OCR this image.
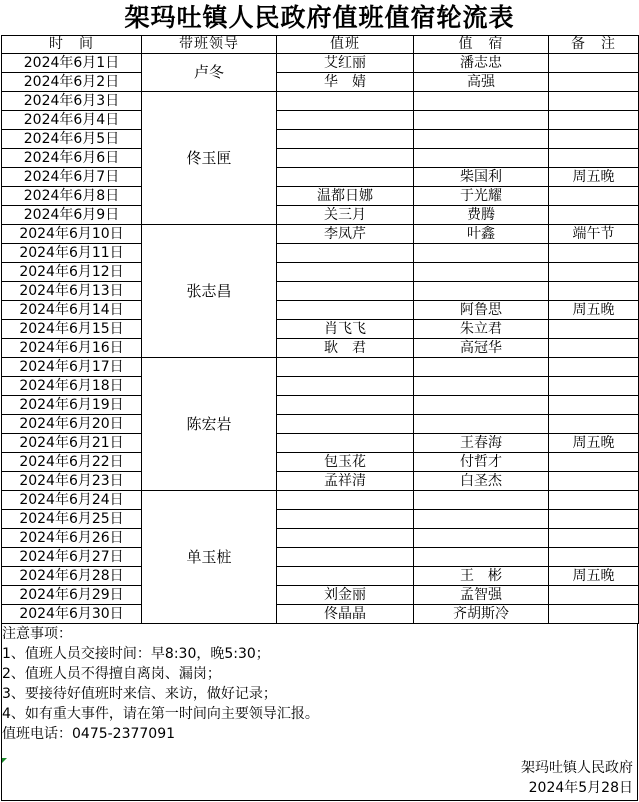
架玛吐镇人民政府值班值宿轮流表
时　间	带班领导	值班	值　宿	备　注
2024年6月1日	卢冬	艾红丽	潘志忠	
2024年6月2日		华　婧	高强	
2024年6月3日	佟玉匣			
2024年6月4日				
2024年6月5日				
2024年6月6日				
2024年6月7日			柴国利	周五晚
2024年6月8日		温都日娜	于光耀	
2024年6月9日		关三月	费腾	
2024年6月10日	张志昌	李凤芹	叶鑫	端午节
2024年6月11日				
2024年6月12日				
2024年6月13日				
2024年6月14日			阿鲁思	周五晚
2024年6月15日		肖飞飞	朱立君	
2024年6月16日		耿　君	高冠华	
2024年6月17日	陈宏岩			
2024年6月18日				
2024年6月19日				
2024年6月20日				
2024年6月21日			王春海	周五晚
2024年6月22日		包玉花	付哲才	
2024年6月23日		孟祥清	白圣杰	
2024年6月24日	单玉桩			
2024年6月25日				
2024年6月26日				
2024年6月27日				
2024年6月28日			王　彬	周五晚
2024年6月29日		刘金丽	孟智强	
2024年6月30日		佟晶晶	齐胡斯冷	
注意事项：
1、值班人员交接时间：早8:30，晚5:30；
2、值班人员不得擅自离岗、漏岗；
3、要接待好值班时来信、来访，做好记录；
4、如有重大事件，请在第一时间向主要领导汇报。
值班电话：0475-2377091
架玛吐镇人民政府
2024年5月28日
